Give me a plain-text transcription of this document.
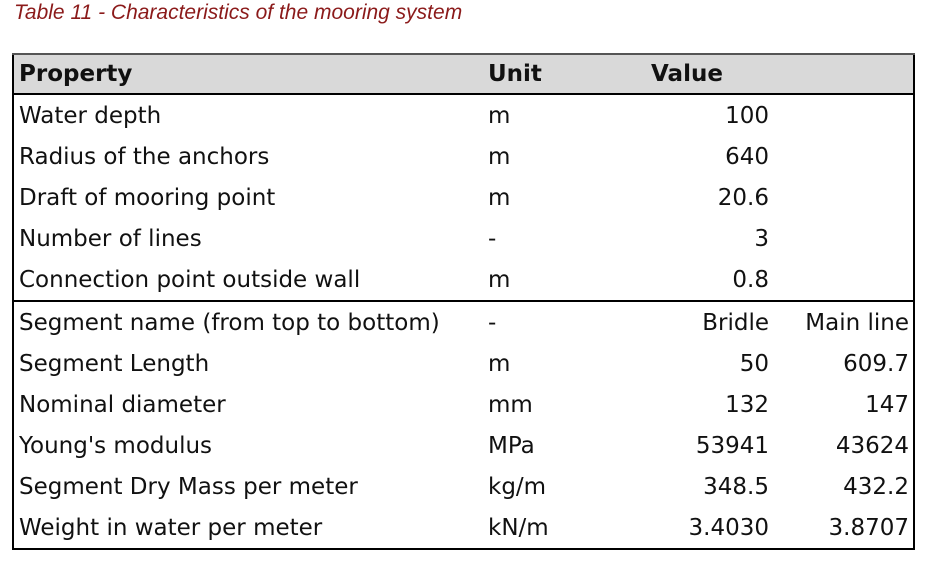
Table 11 - Characteristics of the mooring system
Property	Unit	Value	
Water depth	m	100	
Radius of the anchors	m	640	
Draft of mooring point	m	20.6	
Number of lines	-	3	
Connection point outside wall	m	0.8	
Segment name (from top to bottom)	-	Bridle	Main line
Segment Length	m	50	609.7
Nominal diameter	mm	132	147
Young's modulus	MPa	53941	43624
Segment Dry Mass per meter	kg/m	348.5	432.2
Weight in water per meter	kN/m	3.4030	3.8707
